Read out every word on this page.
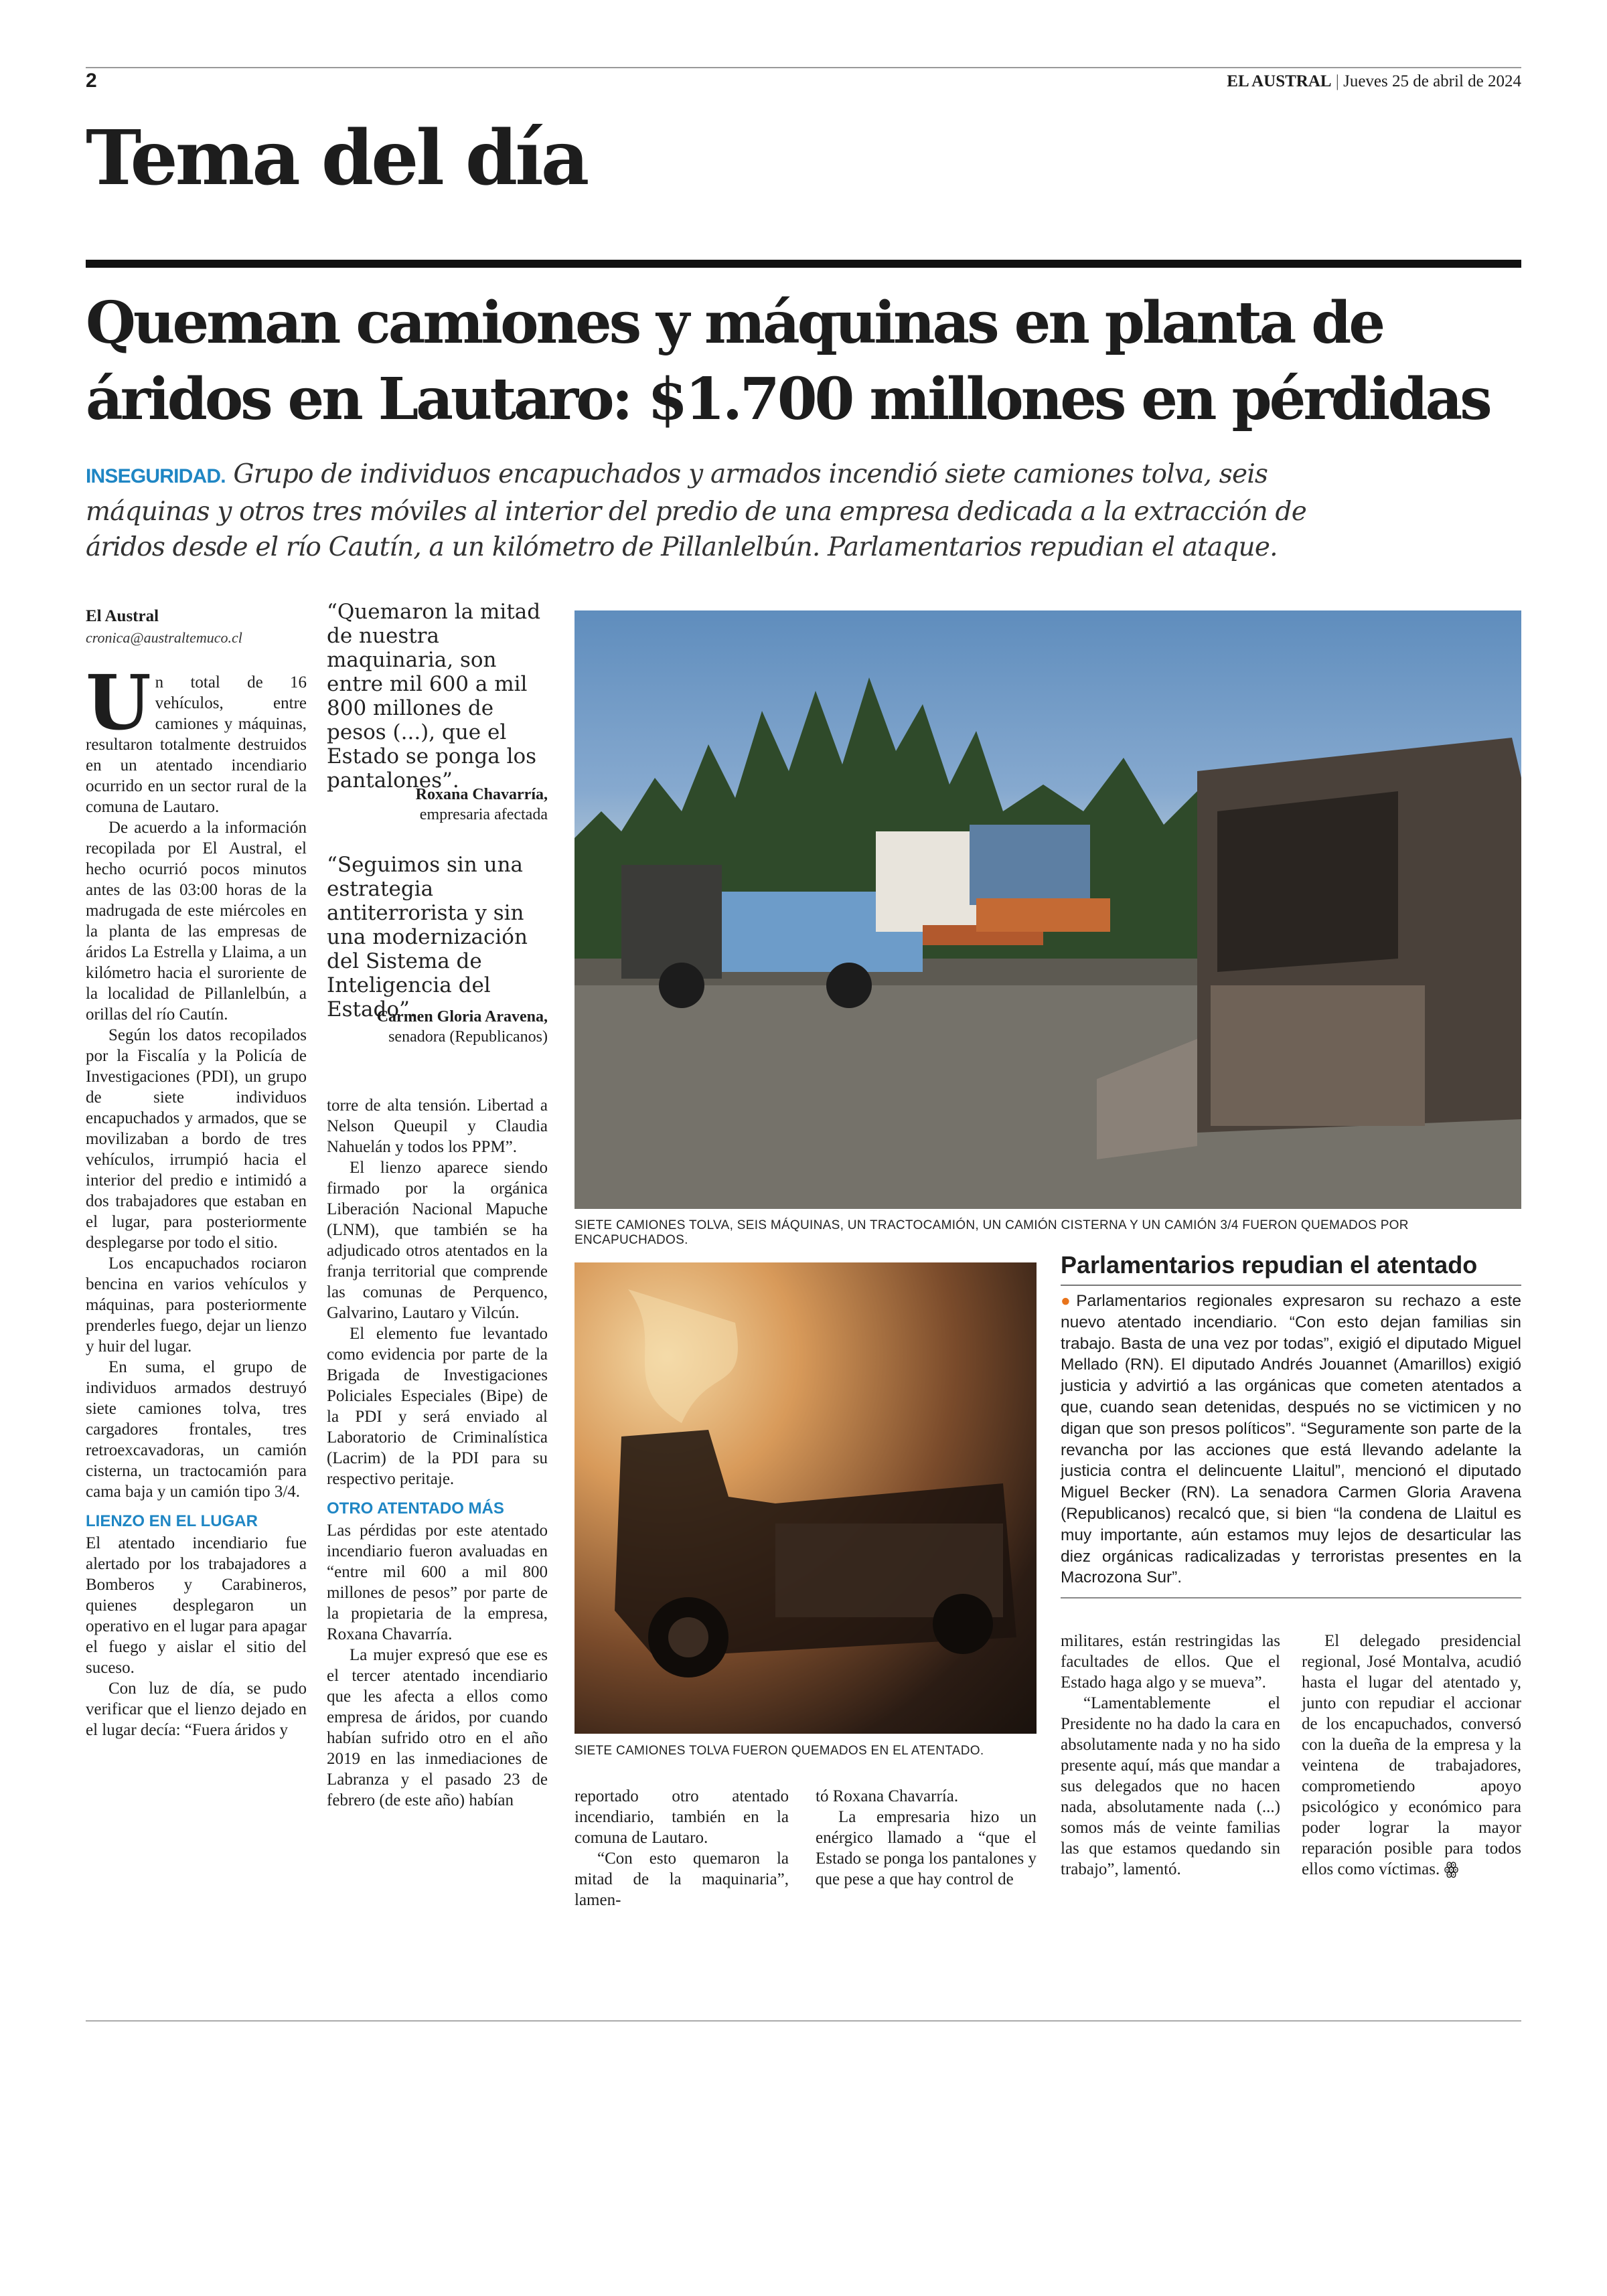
2	EL AUSTRAL | Jueves 25 de abril de 2024
Tema del día
Queman camiones y máquinas en planta de
áridos en Lautaro: $1.700 millones en pérdidas
INSEGURIDAD. Grupo de individuos encapuchados y armados incendió siete camiones tolva, seis
máquinas y otros tres móviles al interior del predio de una empresa dedicada a la extracción de
áridos desde el río Cautín, a un kilómetro de Pillanlelbún. Parlamentarios repudian el ataque.
El Austral
cronica@australtemuco.cl

Un total de 16 vehículos, entre camiones y máquinas, resultaron totalmente destruidos en un atentado incendiario ocurrido en un sector rural de la comuna de Lautaro.

De acuerdo a la información recopilada por El Austral, el hecho ocurrió pocos minutos antes de las 03:00 horas de la madrugada de este miércoles en la planta de las empresas de áridos La Estrella y Llaima, a un kilómetro hacia el suroriente de la localidad de Pillanlelbún, a orillas del río Cautín.

Según los datos recopilados por la Fiscalía y la Policía de Investigaciones (PDI), un grupo de siete individuos encapuchados y armados, que se movilizaban a bordo de tres vehículos, irrumpió hacia el interior del predio e intimidó a dos trabajadores que estaban en el lugar, para posteriormente desplegarse por todo el sitio.

Los encapuchados rociaron bencina en varios vehículos y máquinas, para posteriormente prenderles fuego, dejar un lienzo y huir del lugar.

En suma, el grupo de individuos armados destruyó siete camiones tolva, tres cargadores frontales, tres retroexcavadoras, un camión cisterna, un tractocamión para cama baja y un camión tipo 3/4.

LIENZO EN EL LUGAR

El atentado incendiario fue alertado por los trabajadores a Bomberos y Carabineros, quienes desplegaron un operativo en el lugar para apagar el fuego y aislar el sitio del suceso.

Con luz de día, se pudo verificar que el lienzo dejado en el lugar decía: “Fuera áridos y

“Quemaron la mitad de nuestra maquinaria, son entre mil 600 a mil 800 millones de pesos (...), que el Estado se ponga los pantalones”.
Roxana Chavarría,
empresaria afectada
“Seguimos sin una estrategia antiterrorista y sin una modernización del Sistema de Inteligencia del Estado”.
Carmen Gloria Aravena,
senadora (Republicanos)

torre de alta tensión. Libertad a Nelson Queupil y Claudia Nahuelán y todos los PPM”.

El lienzo aparece siendo firmado por la orgánica Liberación Nacional Mapuche (LNM), que también se ha adjudicado otros atentados en la franja territorial que comprende las comunas de Perquenco, Galvarino, Lautaro y Vilcún.

El elemento fue levantado como evidencia por parte de la Brigada de Investigaciones Policiales Especiales (Bipe) de la PDI y será enviado al Laboratorio de Criminalística (Lacrim) de la PDI para su respectivo peritaje.

OTRO ATENTADO MÁS

Las pérdidas por este atentado incendiario fueron avaluadas en “entre mil 600 a mil 800 millones de pesos” por parte de la propietaria de la empresa, Roxana Chavarría.

La mujer expresó que ese es el tercer atentado incendiario que les afecta a ellos como empresa de áridos, por cuando habían sufrido otro en el año 2019 en las inmediaciones de Labranza y el pasado 23 de febrero (de este año) habían

SIETE CAMIONES TOLVA, SEIS MÁQUINAS, UN TRACTOCAMIÓN, UN CAMIÓN CISTERNA Y UN CAMIÓN 3/4 FUERON QUEMADOS POR ENCAPUCHADOS.
SIETE CAMIONES TOLVA FUERON QUEMADOS EN EL ATENTADO.
Parlamentarios repudian el atentado
●Parlamentarios regionales expresaron su rechazo a este nuevo atentado incendiario. “Con esto dejan familias sin trabajo. Basta de una vez por todas”, exigió el diputado Miguel Mellado (RN). El diputado Andrés Jouannet (Amarillos) exigió justicia y advirtió a las orgánicas que cometen atentados a que, cuando sean detenidas, después no se victimicen y no digan que son presos políticos”. “Seguramente son parte de la revancha por las acciones que está llevando adelante la justicia contra el delincuente Llaitul”, mencionó el diputado Miguel Becker (RN). La senadora Carmen Gloria Aravena (Republicanos) recalcó que, si bien “la condena de Llaitul es muy importante, aún estamos muy lejos de desarticular las diez orgánicas radicalizadas y terroristas presentes en la Macrozona Sur”.

reportado otro atentado incendiario, también en la comuna de Lautaro.

“Con esto quemaron la mitad de la maquinaria”, lamen-

tó Roxana Chavarría.

La empresaria hizo un enérgico llamado a “que el Estado se ponga los pantalones y que pese a que hay control de

militares, están restringidas las facultades de ellos. Que el Estado haga algo y se mueva”.

“Lamentablemente el Presidente no ha dado la cara en absolutamente nada y no ha sido presente aquí, más que mandar a sus delegados que no hacen nada, absolutamente nada (...) somos más de veinte familias las que estamos quedando sin trabajo”, lamentó.

El delegado presidencial regional, José Montalva, acudió hasta el lugar del atentado y, junto con repudiar el accionar de los encapuchados, conversó con la dueña de la empresa y la veintena de trabajadores, comprometiendo apoyo psicológico y económico para poder lograr la mayor reparación posible para todos ellos como víctimas. ꙮ
